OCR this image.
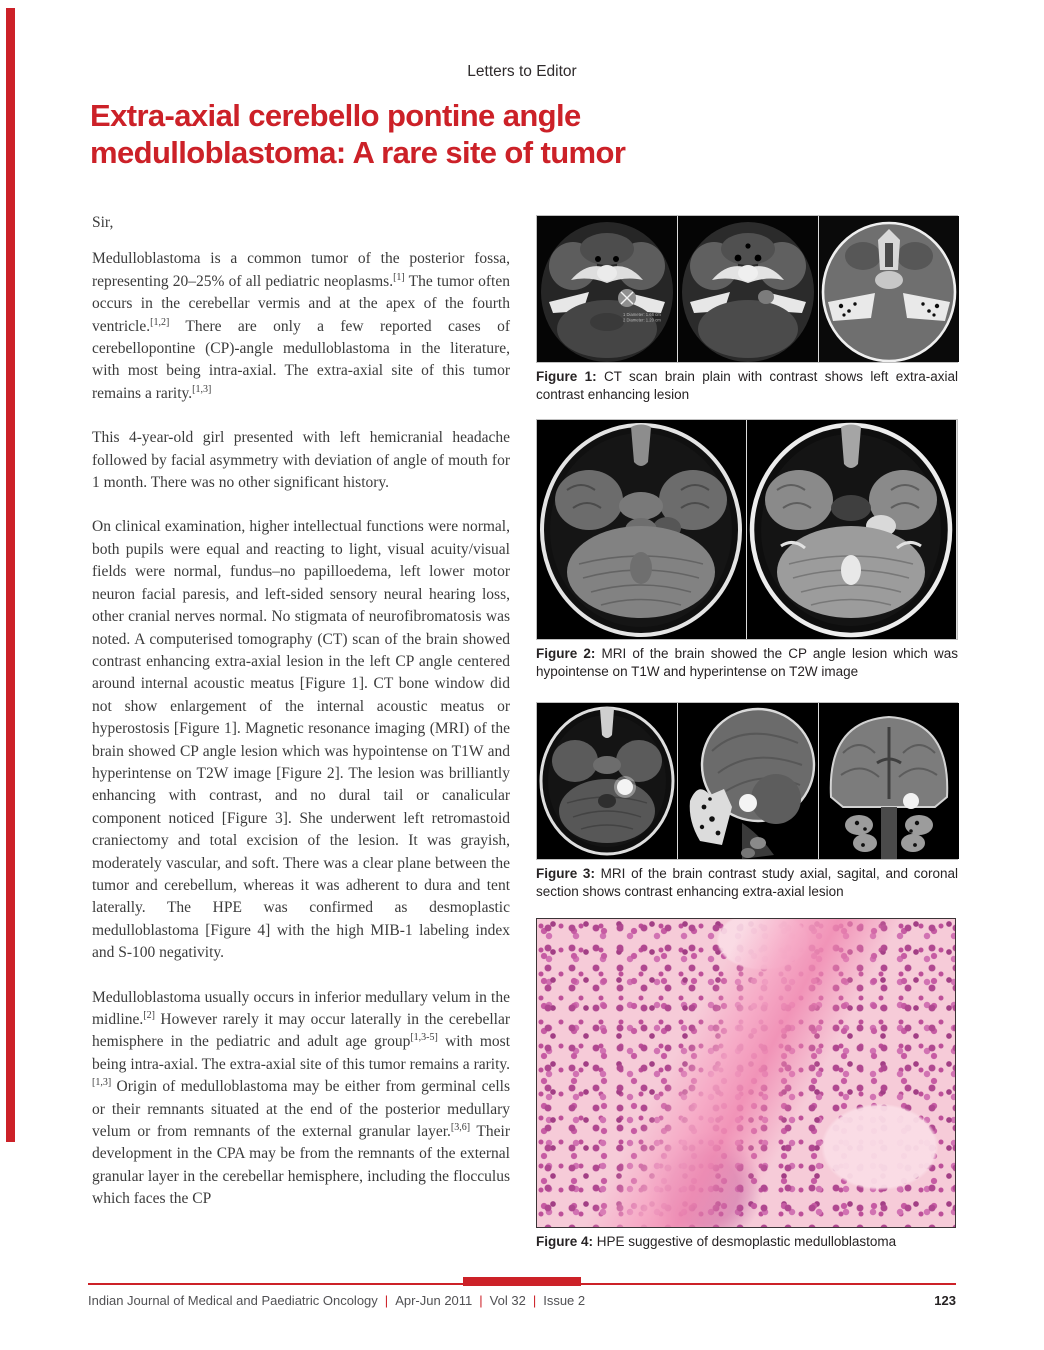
Letters to Editor
Extra-axial cerebello pontine angle
medulloblastoma: A rare site of tumor

Sir,

Medulloblastoma is a common tumor of the posterior fossa, representing 20–25% of all pediatric neoplasms.[1] The tumor often occurs in the cerebellar vermis and at the apex of the fourth ventricle.[1,2] There are only a few reported cases of cerebellopontine (CP)-angle medulloblastoma in the literature, with most being intra-axial. The extra-axial site of this tumor remains a rarity.[1,3]

This 4-year-old girl presented with left hemicranial headache followed by facial asymmetry with deviation of angle of mouth for 1 month. There was no other significant history.

On clinical examination, higher intellectual functions were normal, both pupils were equal and reacting to light, visual acuity/visual fields were normal, fundus–no papilloedema, left lower motor neuron facial paresis, and left-sided sensory neural hearing loss, other cranial nerves normal. No stigmata of neurofibromatosis was noted. A computerised tomography (CT) scan of the brain showed contrast enhancing extra-axial lesion in the left CP angle centered around internal acoustic meatus [Figure 1]. CT bone window did not show enlargement of the internal acoustic meatus or hyperostosis [Figure 1]. Magnetic resonance imaging (MRI) of the brain showed CP angle lesion which was hypointense on T1W and hyperintense on T2W image [Figure 2]. The lesion was brilliantly enhancing with contrast, and no dural tail or canalicular component noticed [Figure 3]. She underwent left retromastoid craniectomy and total excision of the lesion. It was grayish, moderately vascular, and soft. There was a clear plane between the tumor and cerebellum, whereas it was adherent to dura and tent laterally. The HPE was confirmed as desmoplastic medulloblastoma [Figure 4] with the high MIB-1 labeling index and S-100 negativity.

Medulloblastoma usually occurs in inferior medullary velum in the midline.[2] However rarely it may occur laterally in the cerebellar hemisphere in the pediatric and adult age group[1,3-5] with most being intra-axial. The extra-axial site of this tumor remains a rarity.[1,3] Origin of medulloblastoma may be either from germinal cells or their remnants situated at the end of the posterior medullary velum or from remnants of the external granular layer.[3,6] Their development in the CPA may be from the remnants of the external granular layer in the cerebellar hemisphere, including the flocculus which faces the CP

1 Diameter: 1.66 cm
2 Diameter: 1.20 cm
Figure 1: CT scan brain plain with contrast shows left extra-axial contrast enhancing lesion
Figure 2: MRI of the brain showed the CP angle lesion which was hypointense on T1W and hyperintense on T2W image
Figure 3: MRI of the brain contrast study axial, sagital, and coronal section shows contrast enhancing extra-axial lesion
Figure 4: HPE suggestive of desmoplastic medulloblastoma
Indian Journal of Medical and Paediatric Oncology | Apr-Jun 2011 | Vol 32 | Issue 2	123
